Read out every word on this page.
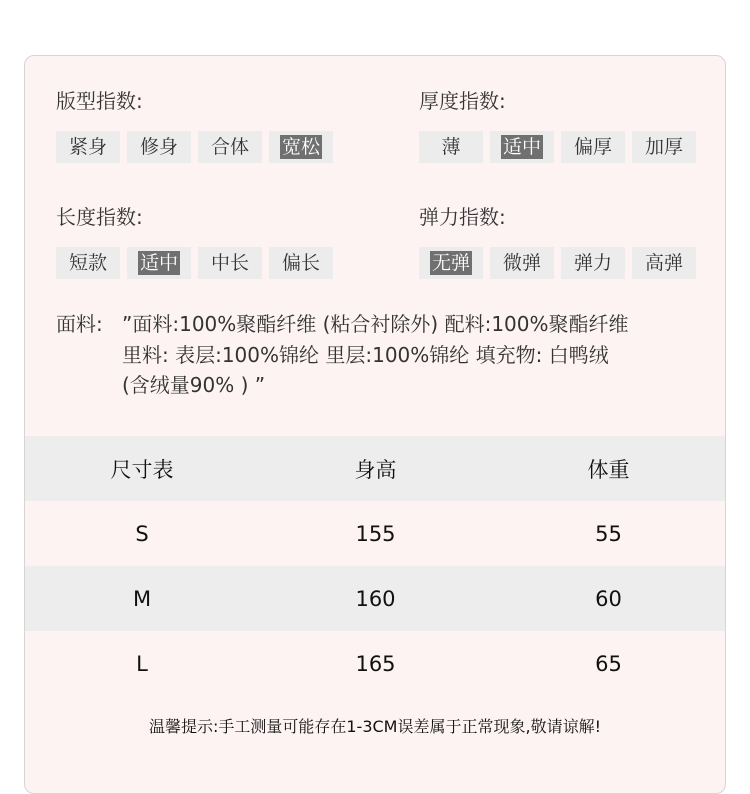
版型指数:
紧身 修身 合体 宽松
厚度指数:
薄 适中 偏厚 加厚
长度指数:
短款 适中 中长 偏长
弹力指数:
无弹 微弹 弹力 高弹
面料: ”面料:100%聚酯纤维 (粘合衬除外) 配料:100%聚酯纤维
里料: 表层:100%锦纶 里层:100%锦纶 填充物: 白鸭绒
(含绒量90% ) ”
尺寸表	身高	体重
S	155	55
M	160	60
L	165	65
温馨提示:手工测量可能存在1-3CM误差属于正常现象,敬请谅解!
